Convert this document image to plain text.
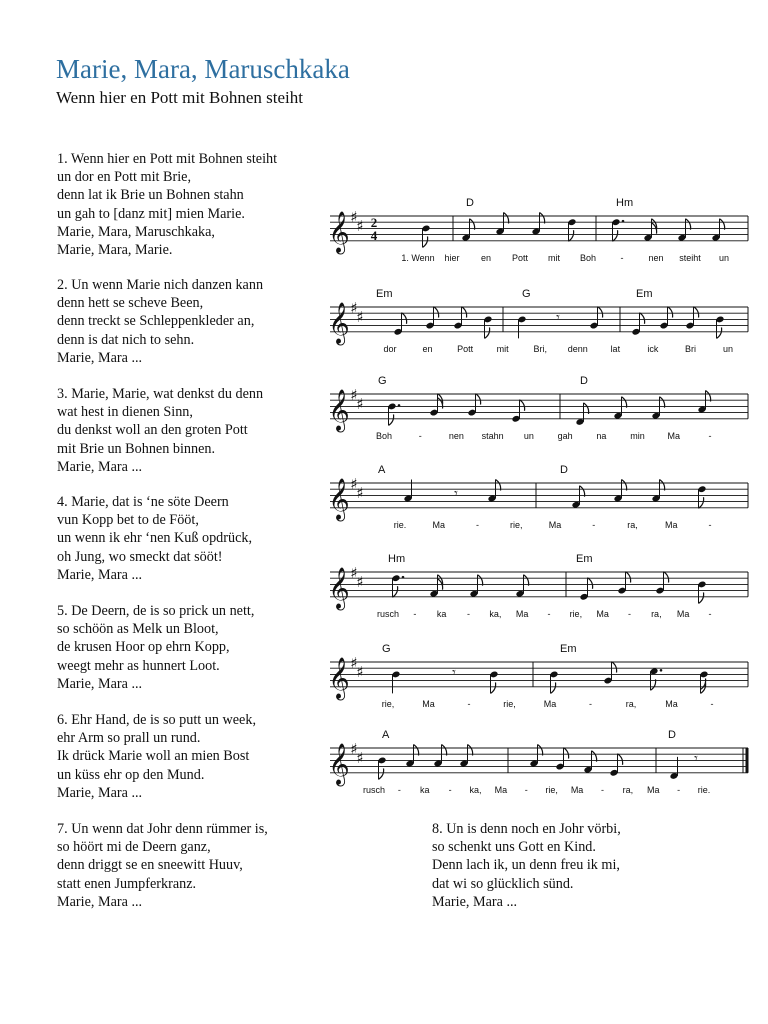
Marie, Mara, Maruschkaka
Wenn hier en Pott mit Bohnen steiht
1. Wenn hier en Pott mit Bohnen steiht
un dor en Pott mit Brie,
denn lat ik Brie un Bohnen stahn
un gah to [danz mit] mien Marie.
Marie, Mara, Maruschkaka,
Marie, Mara, Marie.
2. Un wenn Marie nich danzen kann
denn hett se scheve Been,
denn treckt se Schleppenkleder an,
denn is dat nich to sehn.
Marie, Mara ...
3. Marie, Marie, wat denkst du denn
wat hest in dienen Sinn,
du denkst woll an den groten Pott
mit Brie un Bohnen binnen.
Marie, Mara ...
4. Marie, dat is ‘ne söte Deern
vun Kopp bet to de Fööt,
un wenn ik ehr ‘nen Kuß opdrück,
oh Jung, wo smeckt dat sööt!
Marie, Mara ...
5. De Deern, de is so prick un nett,
so schöön as Melk un Bloot,
de krusen Hoor op ehrn Kopp,
weegt mehr as hunnert Loot.
Marie, Mara ...
6. Ehr Hand, de is so putt un week,
ehr Arm so prall un rund.
Ik drück Marie woll an mien Bost
un küss ehr op den Mund.
Marie, Mara ...
7. Un wenn dat Johr denn rümmer is,
so höört mi de Deern ganz,
denn driggt se en sneewitt Huuv,
statt enen Jumpferkranz.
Marie, Mara ...
8. Un is denn noch en Johr vörbi,
so schenkt uns Gott en Kind.
Denn lach ik, un denn freu ik mi,
dat wi so glücklich sünd.
Marie, Mara ...
𝄞 ♯
♯ 2
4
D	Hm
1. Wenn hier en Pott mit Boh	-	nen steiht un
𝄞 ♯
♯
Em	G	Em
𝄾
dor	en	Pott	mit	Bri, denn	lat	ick	Bri	un
𝄞 ♯
♯
G	D
Boh	-	nen stahn un	gah	na	min	Ma	-
𝄞 ♯
♯
A	D
𝄾
rie.	Ma	-	rie,	Ma	-	ra,	Ma	-
𝄞 ♯
♯
Hm	Em
rusch - ka - ka, Ma - rie, Ma - ra, Ma -
𝄞 ♯
♯
G	Em
𝄾
rie,	Ma	-	rie,	Ma	-	ra,	Ma	-
𝄞 ♯
♯
A	D
𝄾
rusch - ka - ka, Ma - rie, Ma - ra, Ma - rie.
